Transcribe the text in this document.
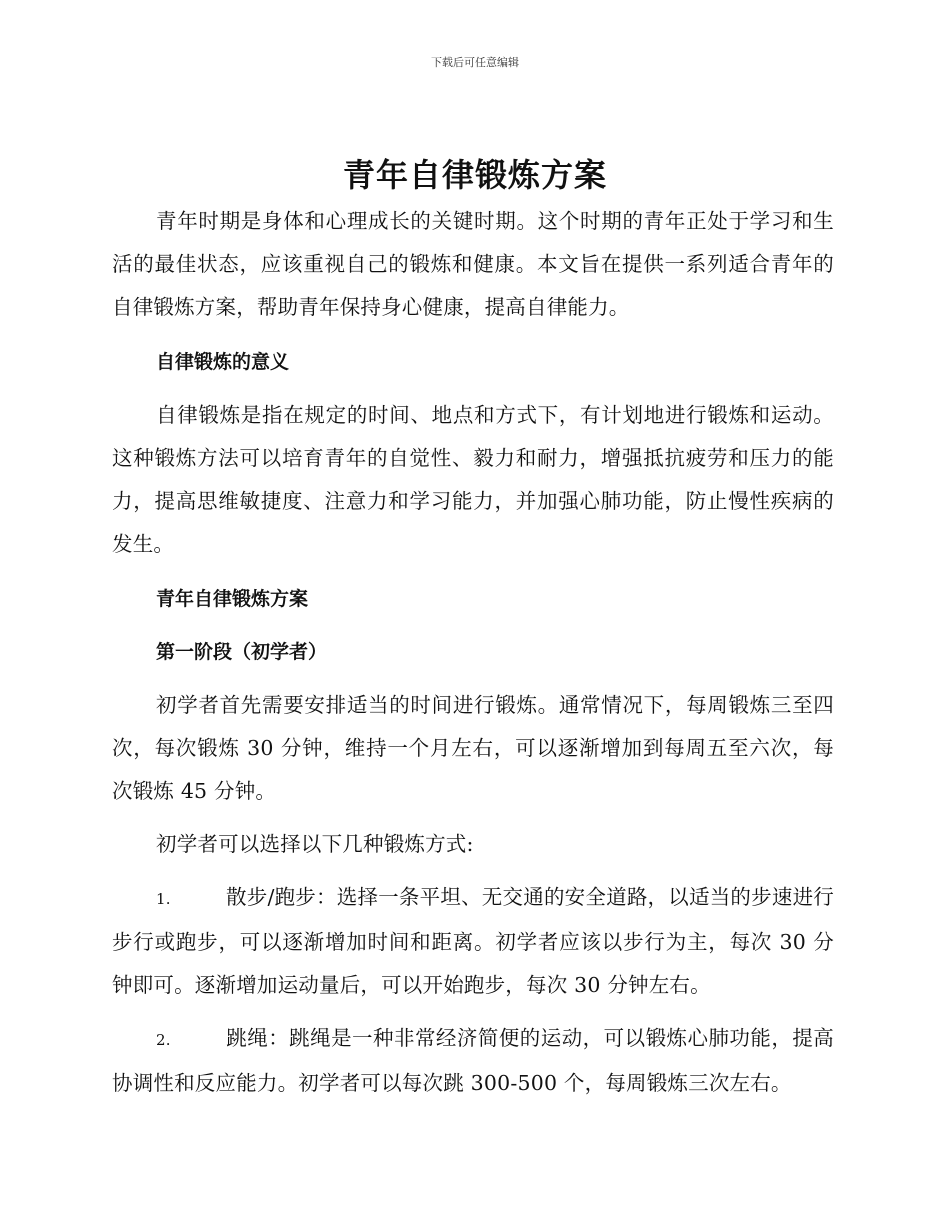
下载后可任意编辑
青年自律锻炼方案

青年时期是身体和心理成长的关键时期。这个时期的青年正处于学习和生活的最佳状态，应该重视自己的锻炼和健康。本文旨在提供一系列适合青年的自律锻炼方案，帮助青年保持身心健康，提高自律能力。

自律锻炼的意义

自律锻炼是指在规定的时间、地点和方式下，有计划地进行锻炼和运动。这种锻炼方法可以培育青年的自觉性、毅力和耐力，增强抵抗疲劳和压力的能力，提高思维敏捷度、注意力和学习能力，并加强心肺功能，防止慢性疾病的发生。

青年自律锻炼方案
第一阶段（初学者）

初学者首先需要安排适当的时间进行锻炼。通常情况下，每周锻炼三至四次，每次锻炼 30 分钟，维持一个月左右，可以逐渐增加到每周五至六次，每次锻炼 45 分钟。

初学者可以选择以下几种锻炼方式:

1.	散步/跑步：选择一条平坦、无交通的安全道路，以适当的步速进行步行或跑步，可以逐渐增加时间和距离。初学者应该以步行为主，每次 30 分钟即可。逐渐增加运动量后，可以开始跑步，每次 30 分钟左右。
2.	跳绳：跳绳是一种非常经济简便的运动，可以锻炼心肺功能，提高协调性和反应能力。初学者可以每次跳 300-500 个，每周锻炼三次左右。
